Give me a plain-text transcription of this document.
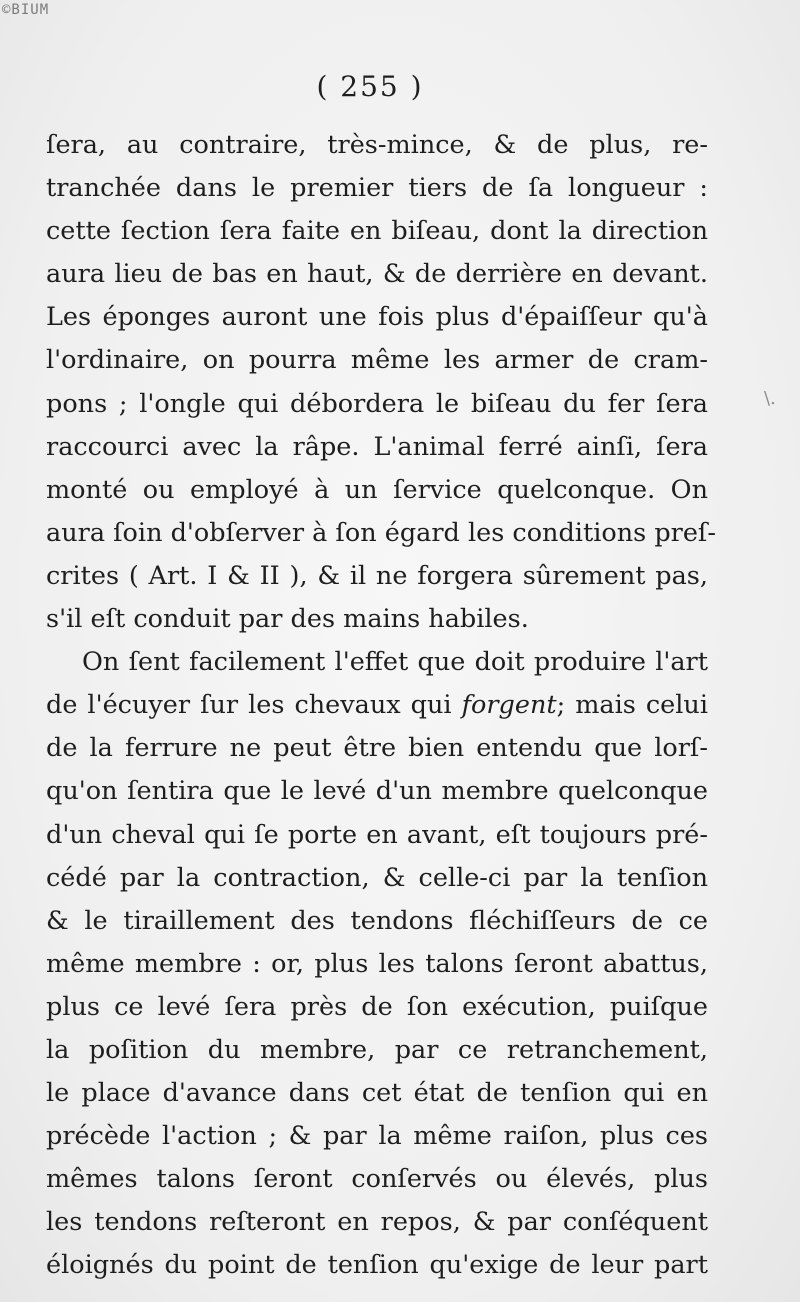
©BIUM
( 255 )
\.
ſera, au contraire, très-mince, & de plus, re-
tranchée dans le premier tiers de ſa longueur :
cette ſection ſera faite en biſeau, dont la direction
aura lieu de bas en haut, & de derrière en devant.
Les éponges auront une fois plus d'épaiſſeur qu'à
l'ordinaire, on pourra même les armer de cram-
pons ; l'ongle qui débordera le biſeau du fer ſera
raccourci avec la râpe. L'animal ferré ainſi, ſera
monté ou employé à un ſervice quelconque. On
aura ſoin d'obſerver à ſon égard les conditions preſ-
crites ( Art. I & II ), & il ne forgera sûrement pas,
s'il eſt conduit par des mains habiles.
On ſent facilement l'effet que doit produire l'art
de l'écuyer ſur les chevaux qui forgent; mais celui
de la ferrure ne peut être bien entendu que lorſ-
qu'on ſentira que le levé d'un membre quelconque
d'un cheval qui ſe porte en avant, eſt toujours pré-
cédé par la contraction, & celle-ci par la tenſion
& le tiraillement des tendons fléchiſſeurs de ce
même membre : or, plus les talons ſeront abattus,
plus ce levé ſera près de ſon exécution, puiſque
la poſition du membre, par ce retranchement,
le place d'avance dans cet état de tenſion qui en
précède l'action ; & par la même raiſon, plus ces
mêmes talons ſeront conſervés ou élevés, plus
les tendons reſteront en repos, & par conſéquent
éloignés du point de tenſion qu'exige de leur part
